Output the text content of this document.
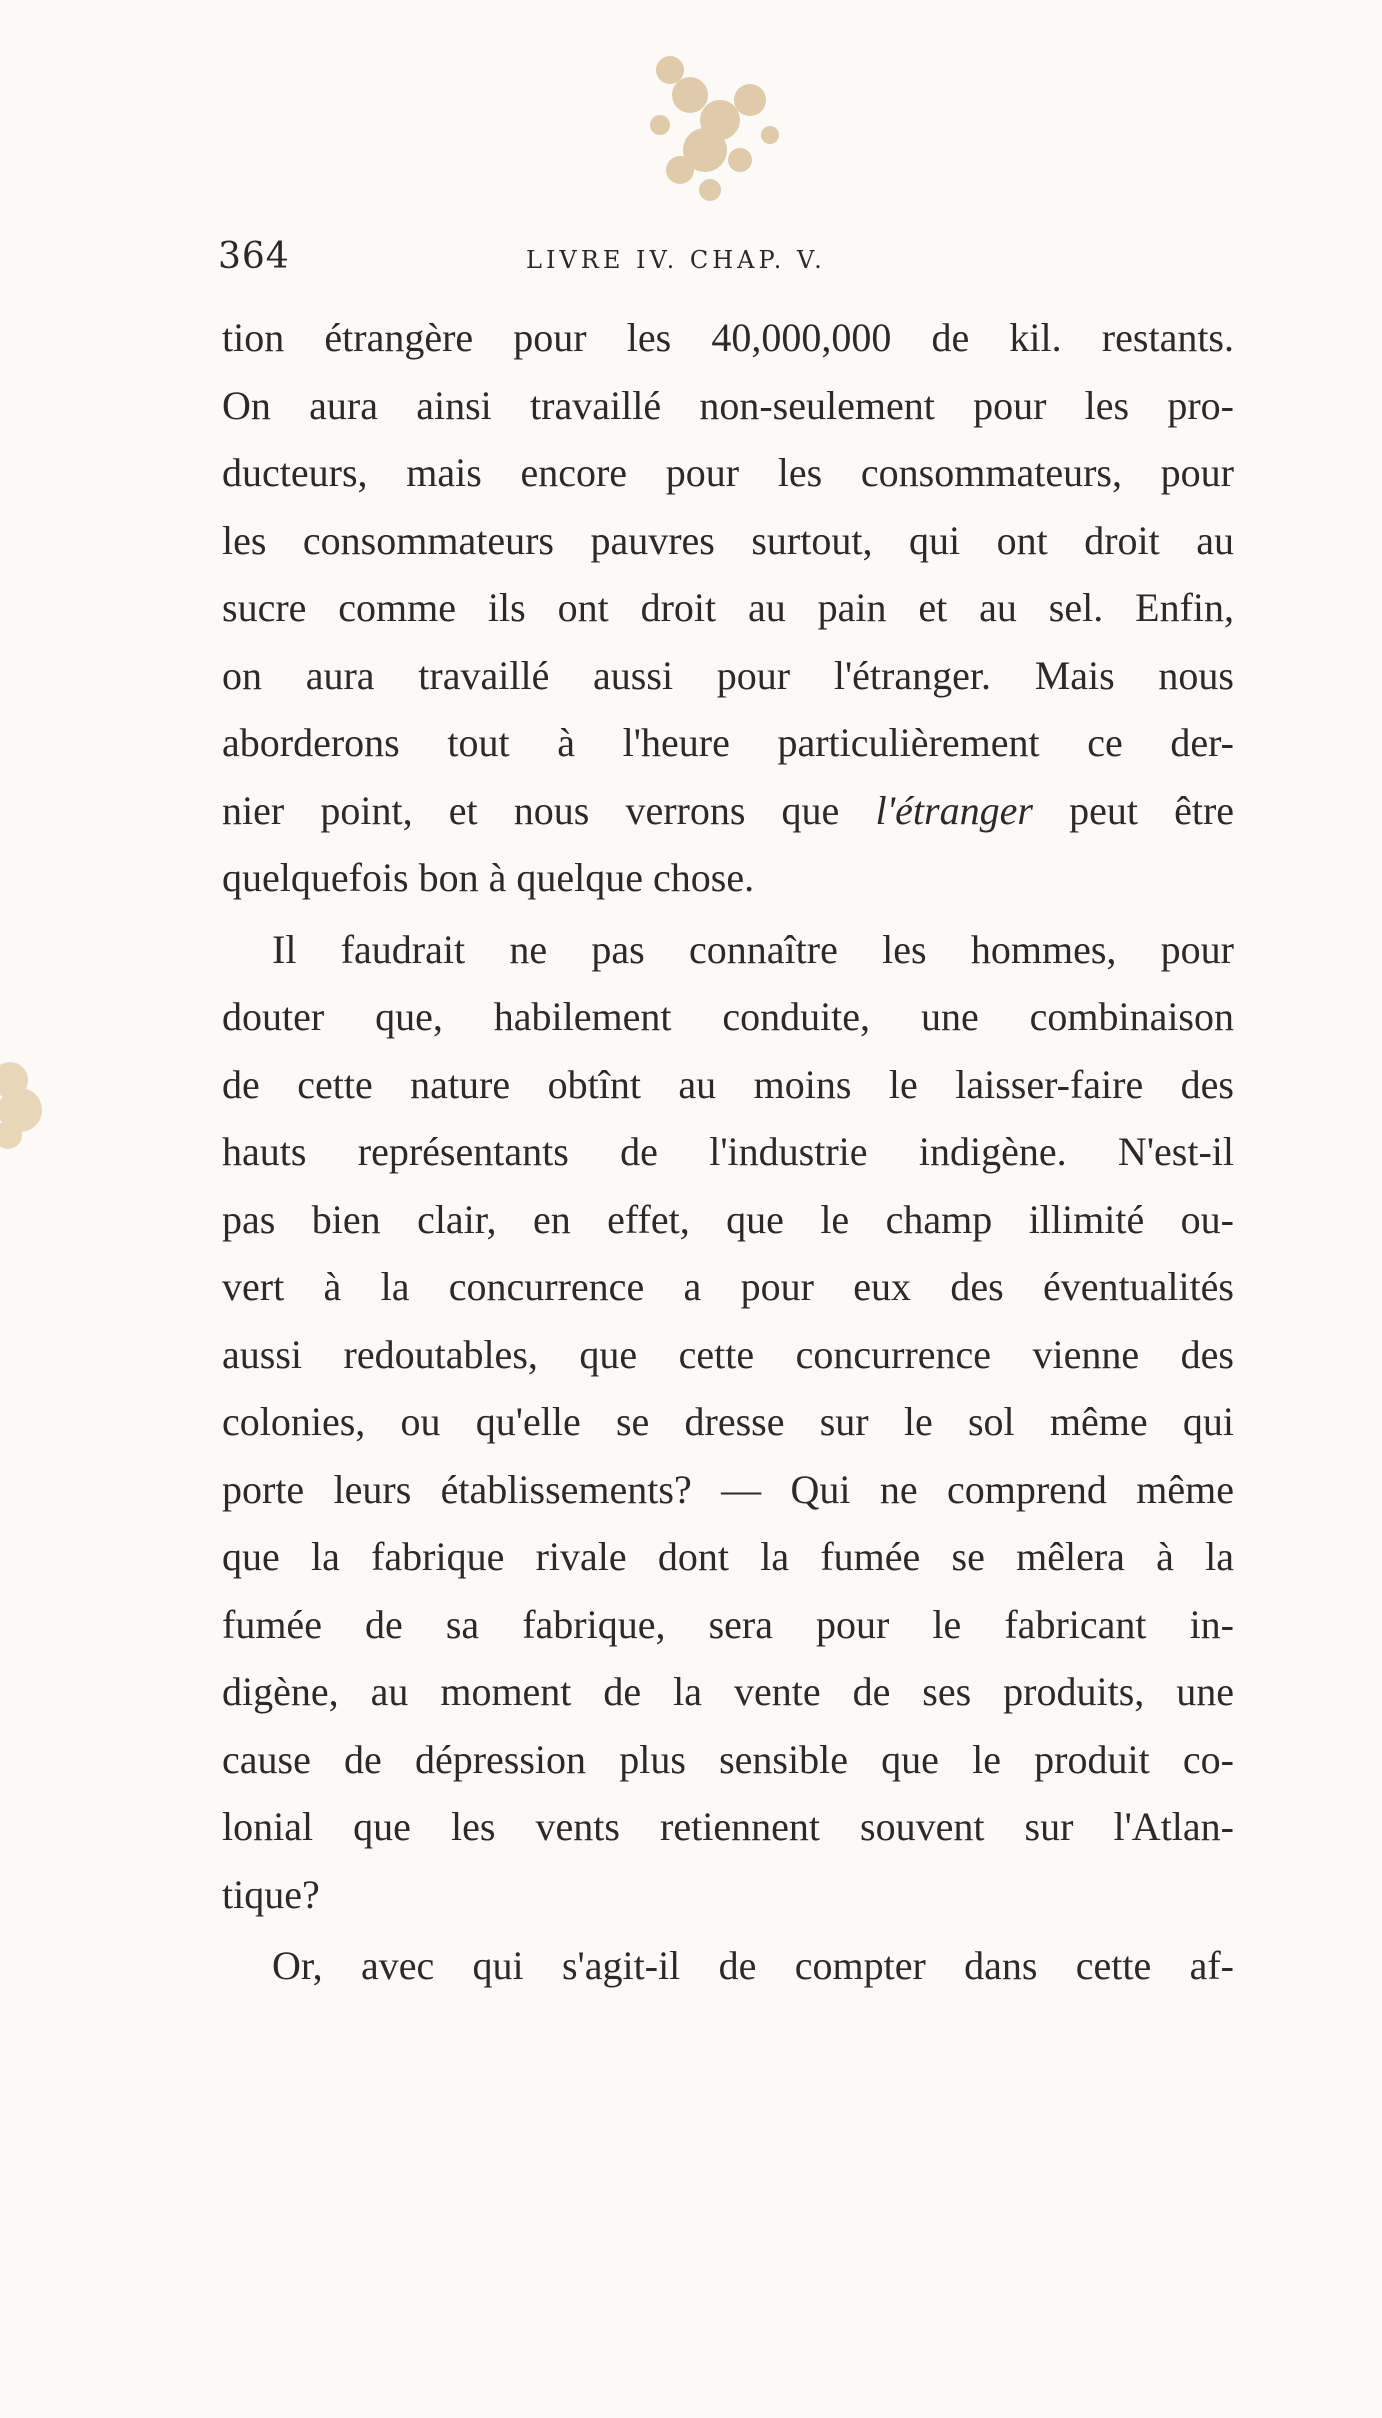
364	LIVRE IV. CHAP. V.
tion étrangère pour les 40,000,000 de kil. restants.
On aura ainsi travaillé non-seulement pour les pro-
ducteurs, mais encore pour les consommateurs, pour
les consommateurs pauvres surtout, qui ont droit au
sucre comme ils ont droit au pain et au sel. Enfin,
on aura travaillé aussi pour l'étranger. Mais nous
aborderons tout à l'heure particulièrement ce der-
nier point, et nous verrons que l'étranger peut être
quelquefois bon à quelque chose.
Il faudrait ne pas connaître les hommes, pour
douter que, habilement conduite, une combinaison
de cette nature obtînt au moins le laisser-faire des
hauts représentants de l'industrie indigène. N'est-il
pas bien clair, en effet, que le champ illimité ou-
vert à la concurrence a pour eux des éventualités
aussi redoutables, que cette concurrence vienne des
colonies, ou qu'elle se dresse sur le sol même qui
porte leurs établissements? — Qui ne comprend même
que la fabrique rivale dont la fumée se mêlera à la
fumée de sa fabrique, sera pour le fabricant in-
digène, au moment de la vente de ses produits, une
cause de dépression plus sensible que le produit co-
lonial que les vents retiennent souvent sur l'Atlan-
tique?
Or, avec qui s'agit-il de compter dans cette af-
